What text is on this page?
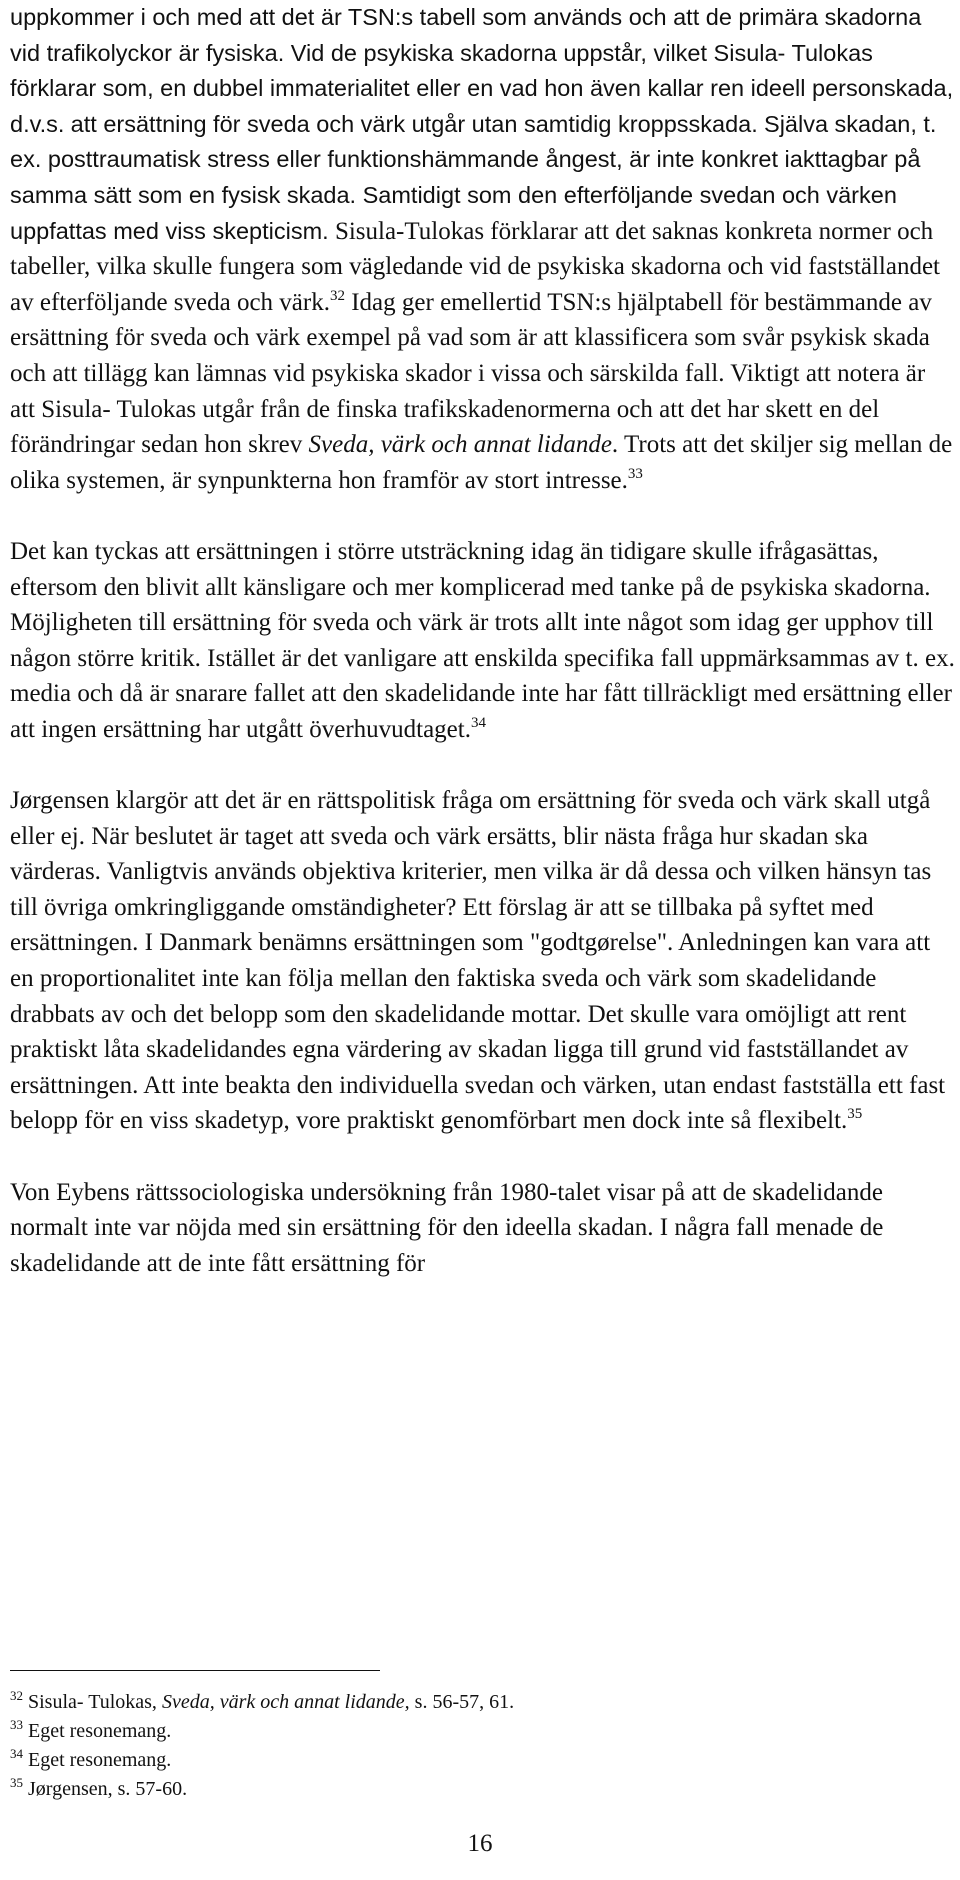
uppkommer i och med att det är TSN:s tabell som används och att de primära skadorna vid trafikolyckor är fysiska. Vid de psykiska skadorna uppstår, vilket Sisula- Tulokas förklarar som, en dubbel immaterialitet eller en vad hon även kallar ren ideell personskada, d.v.s. att ersättning för sveda och värk utgår utan samtidig kroppsskada. Själva skadan, t. ex. posttraumatisk stress eller funktionshämmande ångest, är inte konkret iakttagbar på samma sätt som en fysisk skada. Samtidigt som den efterföljande svedan och värken uppfattas med viss skepticism. Sisula-Tulokas förklarar att det saknas konkreta normer och tabeller, vilka skulle fungera som vägledande vid de psykiska skadorna och vid fastställandet av efterföljande sveda och värk.$^{32}$ Idag ger emellertid TSN:s hjälptabell för bestämmande av ersättning för sveda och värk exempel på vad som är att klassificera som svår psykisk skada och att tillägg kan lämnas vid psykiska skador i vissa och särskilda fall. Viktigt att notera är att Sisula- Tulokas utgår från de finska trafikskadenormerna och att det har skett en del förändringar sedan hon skrev Sveda, värk och annat lidande. Trots att det skiljer sig mellan de olika systemen, är synpunkterna hon framför av stort intresse.$^{33}$

Det kan tyckas att ersättningen i större utsträckning idag än tidigare skulle ifrågasättas, eftersom den blivit allt känsligare och mer komplicerad med tanke på de psykiska skadorna. Möjligheten till ersättning för sveda och värk är trots allt inte något som idag ger upphov till någon större kritik. Istället är det vanligare att enskilda specifika fall uppmärksammas av t. ex. media och då är snarare fallet att den skadelidande inte har fått tillräckligt med ersättning eller att ingen ersättning har utgått överhuvudtaget.$^{34}$

Jørgensen klargör att det är en rättspolitisk fråga om ersättning för sveda och värk skall utgå eller ej. När beslutet är taget att sveda och värk ersätts, blir nästa fråga hur skadan ska värderas. Vanligtvis används objektiva kriterier, men vilka är då dessa och vilken hänsyn tas till övriga omkringliggande omständigheter? Ett förslag är att se tillbaka på syftet med ersättningen. I Danmark benämns ersättningen som "godtgørelse". Anledningen kan vara att en proportionalitet inte kan följa mellan den faktiska sveda och värk som skadelidande drabbats av och det belopp som den skadelidande mottar. Det skulle vara omöjligt att rent praktiskt låta skadelidandes egna värdering av skadan ligga till grund vid fastställandet av ersättningen. Att inte beakta den individuella svedan och värken, utan endast fastställa ett fast belopp för en viss skadetyp, vore praktiskt genomförbart men dock inte så flexibelt.$^{35}$

Von Eybens rättssociologiska undersökning från 1980-talet visar på att de skadelidande normalt inte var nöjda med sin ersättning för den ideella skadan. I några fall menade de skadelidande att de inte fått ersättning för

$^{32}$ Sisula- Tulokas, Sveda, värk och annat lidande, s. 56-57, 61.
$^{33}$ Eget resonemang.
$^{34}$ Eget resonemang.
$^{35}$ Jørgensen, s. 57-60.
16
